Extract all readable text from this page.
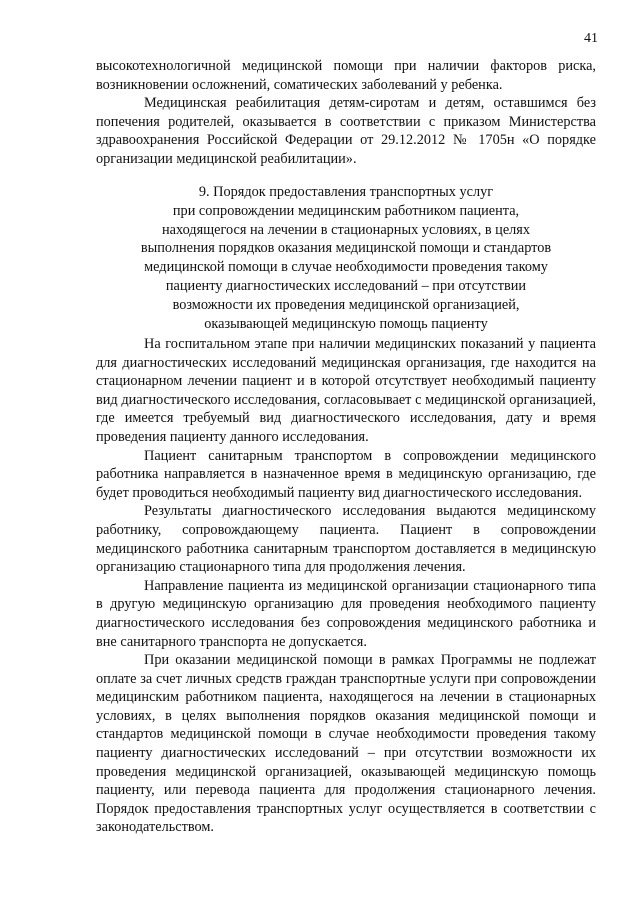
41

высокотехнологичной медицинской помощи при наличии факторов риска, возникновении осложнений, соматических заболеваний у ребенка.

Медицинская реабилитация детям-сиротам и детям, оставшимся без попечения родителей, оказывается в соответствии с приказом Министерства здравоохранения Российской Федерации от 29.12.2012 № 1705н «О порядке организации медицинской реабилитации».

9. Порядок предоставления транспортных услуг
при сопровождении медицинским работником пациента,
находящегося на лечении в стационарных условиях, в целях
выполнения порядков оказания медицинской помощи и стандартов
медицинской помощи в случае необходимости проведения такому
пациенту диагностических исследований – при отсутствии
возможности их проведения медицинской организацией,
оказывающей медицинскую помощь пациенту

На госпитальном этапе при наличии медицинских показаний у пациента для диагностических исследований медицинская организация, где находится на стационарном лечении пациент и в которой отсутствует необходимый пациенту вид диагностического исследования, согласовывает с медицинской организацией, где имеется требуемый вид диагностического исследования, дату и время проведения пациенту данного исследования.

Пациент санитарным транспортом в сопровождении медицинского работника направляется в назначенное время в медицинскую организацию, где будет проводиться необходимый пациенту вид диагностического исследования.

Результаты диагностического исследования выдаются медицинскому работнику, сопровождающему пациента. Пациент в сопровождении медицинского работника санитарным транспортом доставляется в медицинскую организацию стационарного типа для продолжения лечения.

Направление пациента из медицинской организации стационарного типа в другую медицинскую организацию для проведения необходимого пациенту диагностического исследования без сопровождения медицинского работника и вне санитарного транспорта не допускается.

При оказании медицинской помощи в рамках Программы не подлежат оплате за счет личных средств граждан транспортные услуги при сопровождении медицинским работником пациента, находящегося на лечении в стационарных условиях, в целях выполнения порядков оказания медицинской помощи и стандартов медицинской помощи в случае необходимости проведения такому пациенту диагностических исследований – при отсутствии возможности их проведения медицинской организацией, оказывающей медицинскую помощь пациенту, или перевода пациента для продолжения стационарного лечения. Порядок предоставления транспортных услуг осуществляется в соответствии с законодательством.
